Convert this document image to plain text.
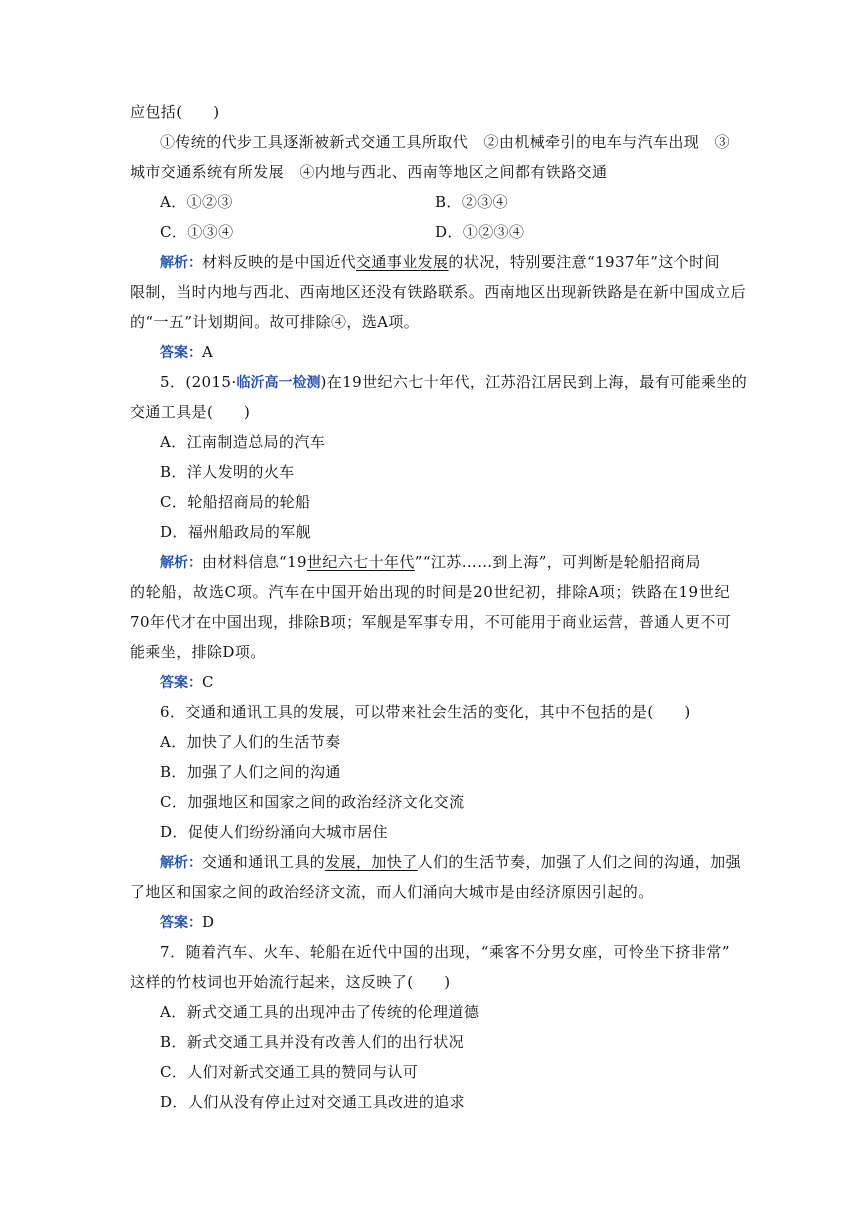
应包括(　　)
①传统的代步工具逐渐被新式交通工具所取代　②由机械牵引的电车与汽车出现　③
城市交通系统有所发展　④内地与西北、西南等地区之间都有铁路交通
A．①②③	B．②③④
C．①③④	D．①②③④
解析：材料反映的是中国近代交通事业发展的状况，特别要注意“1937年”这个时间
限制，当时内地与西北、西南地区还没有铁路联系。西南地区出现新铁路是在新中国成立后
的“一五”计划期间。故可排除④，选A项。
答案：A
5．(2015·临沂高一检测)在19世纪六七十年代，江苏沿江居民到上海，最有可能乘坐的
交通工具是(　　)
A．江南制造总局的汽车
B．洋人发明的火车
C．轮船招商局的轮船
D．福州船政局的军舰
解析：由材料信息“19世纪六七十年代”“江苏……到上海”，可判断是轮船招商局
的轮船，故选C项。汽车在中国开始出现的时间是20世纪初，排除A项；铁路在19世纪
70年代才在中国出现，排除B项；军舰是军事专用，不可能用于商业运营，普通人更不可
能乘坐，排除D项。
答案：C
6．交通和通讯工具的发展，可以带来社会生活的变化，其中不包括的是(　　)
A．加快了人们的生活节奏
B．加强了人们之间的沟通
C．加强地区和国家之间的政治经济文化交流
D．促使人们纷纷涌向大城市居住
解析：交通和通讯工具的发展，加快了人们的生活节奏，加强了人们之间的沟通，加强
了地区和国家之间的政治经济文流，而人们涌向大城市是由经济原因引起的。
答案：D
7．随着汽车、火车、轮船在近代中国的出现，“乘客不分男女座，可怜坐下挤非常”
这样的竹枝词也开始流行起来，这反映了(　　)
A．新式交通工具的出现冲击了传统的伦理道德
B．新式交通工具并没有改善人们的出行状况
C．人们对新式交通工具的赞同与认可
D．人们从没有停止过对交通工具改进的追求
